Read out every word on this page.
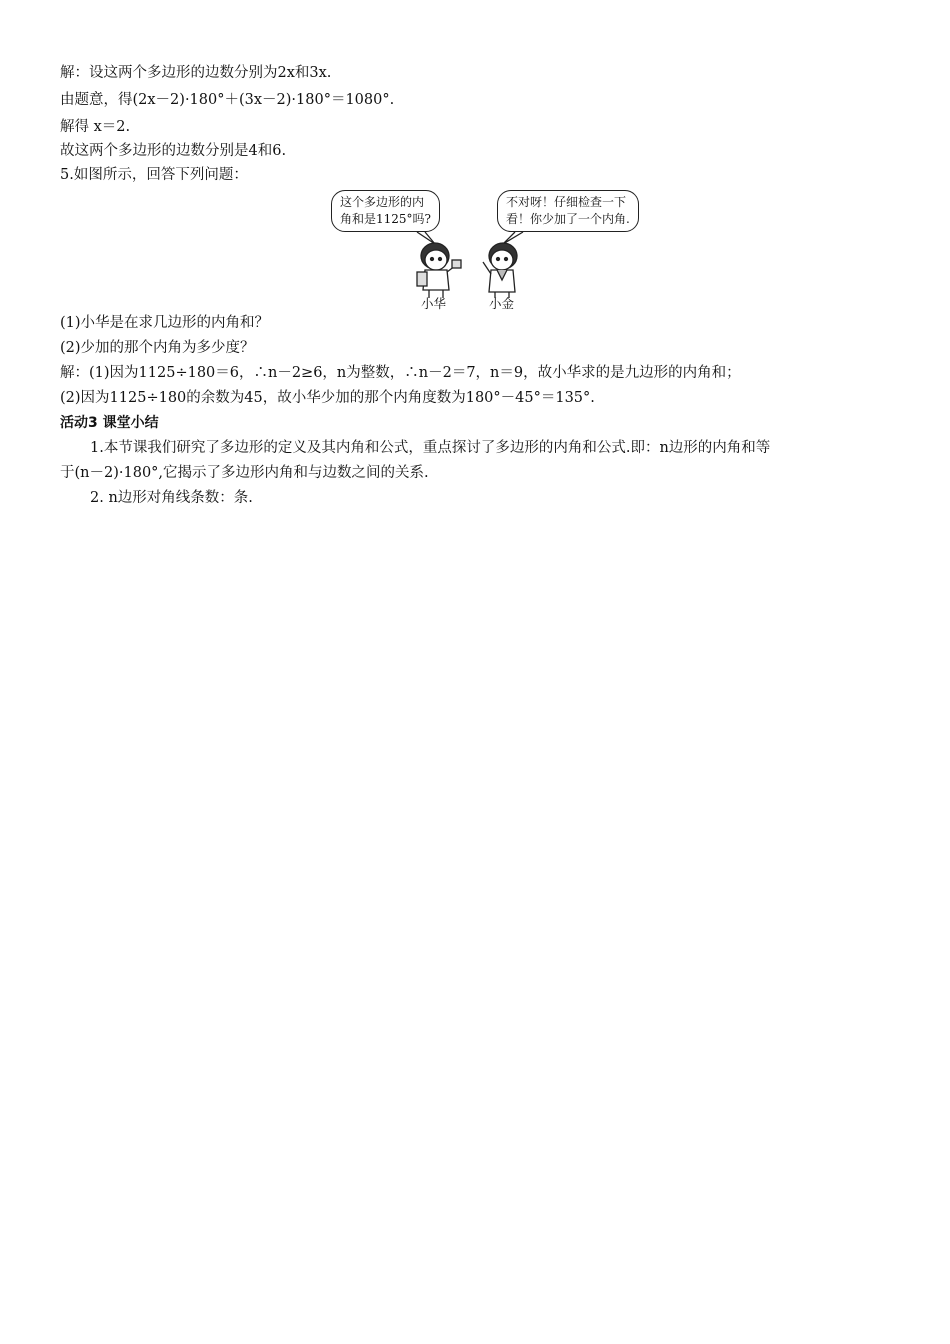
解：设这两个多边形的边数分别为2x和3x.
由题意，得(2x－2)·180°＋(3x－2)·180°＝1080°.
解得 x＝2.
故这两个多边形的边数分别是4和6.
5.如图所示，回答下列问题：
这个多边形的内
角和是1125°吗?
不对呀！仔细检查一下
看！你少加了一个内角.
小华	小金
(1)小华是在求几边形的内角和？
(2)少加的那个内角为多少度？
解：(1)因为1125÷180＝6，∴n－2≥6，n为整数，∴n－2＝7，n＝9，故小华求的是九边形的内角和；
(2)因为1125÷180的余数为45，故小华少加的那个内角度数为180°－45°＝135°.
活动3 课堂小结
1.本节课我们研究了多边形的定义及其内角和公式，重点探讨了多边形的内角和公式.即：n边形的内角和等
于(n－2)·180°,它揭示了多边形内角和与边数之间的关系.
2. n边形对角线条数：条.
